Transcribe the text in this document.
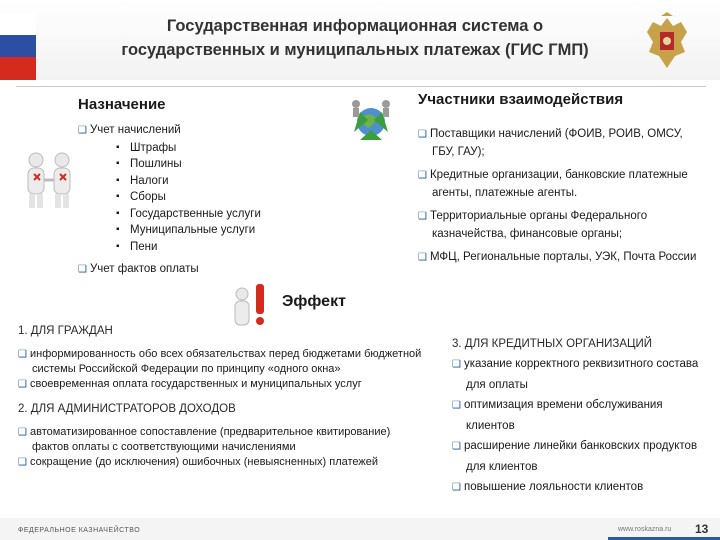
Государственная информационная система о
государственных и муниципальных платежах (ГИС ГМП)
Назначение
❑ Учет начислений
▪ Штрафы
▪ Пошлины
▪ Налоги
▪ Сборы
▪ Государственные услуги
▪ Муниципальные услуги
▪ Пени
❑ Учет фактов оплаты
Участники взаимодействия
❑ Поставщики начислений (ФОИВ, РОИВ, ОМСУ, ГБУ, ГАУ);
❑ Кредитные организации, банковские платежные агенты, платежные агенты.
❑ Территориальные органы Федерального казначейства, финансовые органы;
❑ МФЦ, Региональные порталы, УЭК, Почта России
Эффект
1. ДЛЯ ГРАЖДАН
❑ информированность обо всех обязательствах перед бюджетами бюджетной системы Российской Федерации по принципу «одного окна»
❑ своевременная оплата государственных и муниципальных услуг
2. ДЛЯ АДМИНИСТРАТОРОВ ДОХОДОВ
❑ автоматизированное сопоставление (предварительное квитирование) фактов оплаты с соответствующими начислениями
❑ сокращение (до исключения) ошибочных (невыясненных) платежей
3. ДЛЯ КРЕДИТНЫХ ОРГАНИЗАЦИЙ
❑ указание корректного реквизитного состава для оплаты
❑ оптимизация времени обслуживания клиентов
❑ расширение линейки банковских продуктов для клиентов
❑ повышение лояльности клиентов
ФЕДЕРАЛЬНОЕ КАЗНАЧЕЙСТВО	www.roskazna.ru 13
